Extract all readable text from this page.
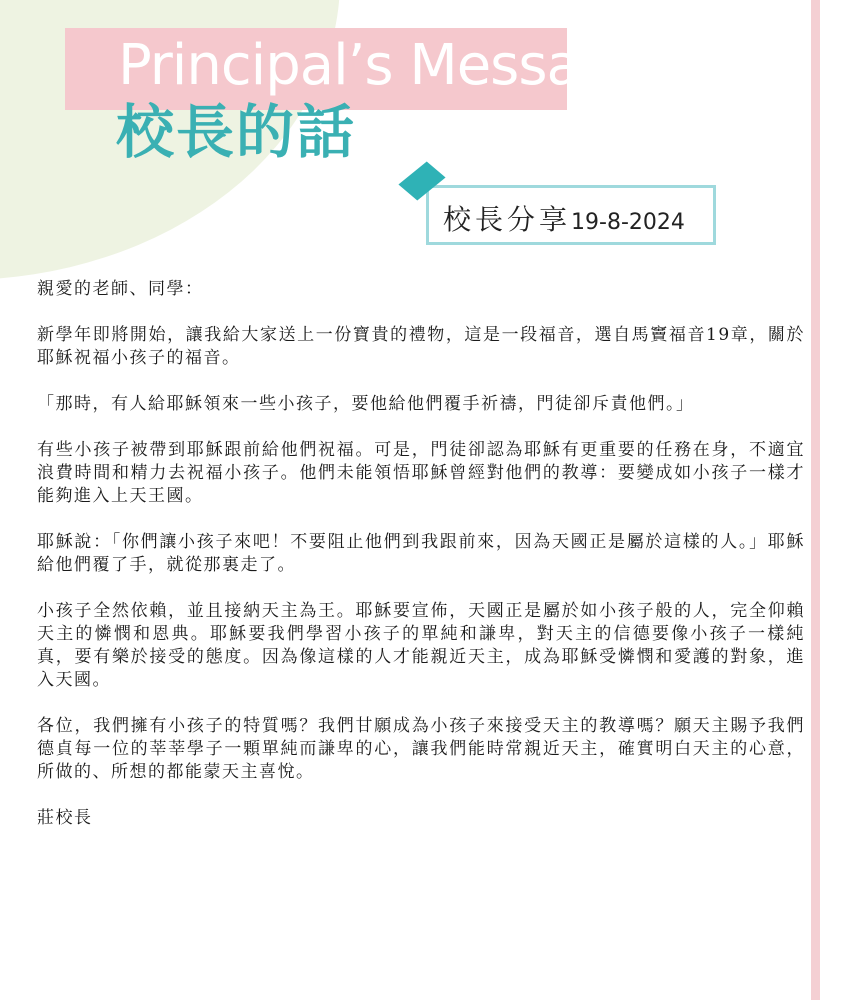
Principal’s Message
校長的話
校長分享19-8-2024

親愛的老師、同學：

新學年即將開始，讓我給大家送上一份寶貴的禮物，這是一段福音，選自馬竇福音19章，關於耶穌祝福小孩子的福音。

「那時，有人給耶穌領來一些小孩子，要他給他們覆手祈禱，門徒卻斥責他們。」

有些小孩子被帶到耶穌跟前給他們祝福。可是，門徒卻認為耶穌有更重要的任務在身，不適宜浪費時間和精力去祝福小孩子。他們未能領悟耶穌曾經對他們的教導：要變成如小孩子一樣才能夠進入上天王國。

耶穌說：「你們讓小孩子來吧！不要阻止他們到我跟前來，因為天國正是屬於這樣的人。」耶穌給他們覆了手，就從那裏走了。

小孩子全然依賴，並且接納天主為王。耶穌要宣佈，天國正是屬於如小孩子般的人，完全仰賴天主的憐憫和恩典。耶穌要我們學習小孩子的單純和謙卑，對天主的信德要像小孩子一樣純真，要有樂於接受的態度。因為像這樣的人才能親近天主，成為耶穌受憐憫和愛護的對象，進入天國。

各位，我們擁有小孩子的特質嗎？我們甘願成為小孩子來接受天主的教導嗎？願天主賜予我們德貞每一位的莘莘學子一顆單純而謙卑的心，讓我們能時常親近天主，確實明白天主的心意，所做的、所想的都能蒙天主喜悅。

莊校長
